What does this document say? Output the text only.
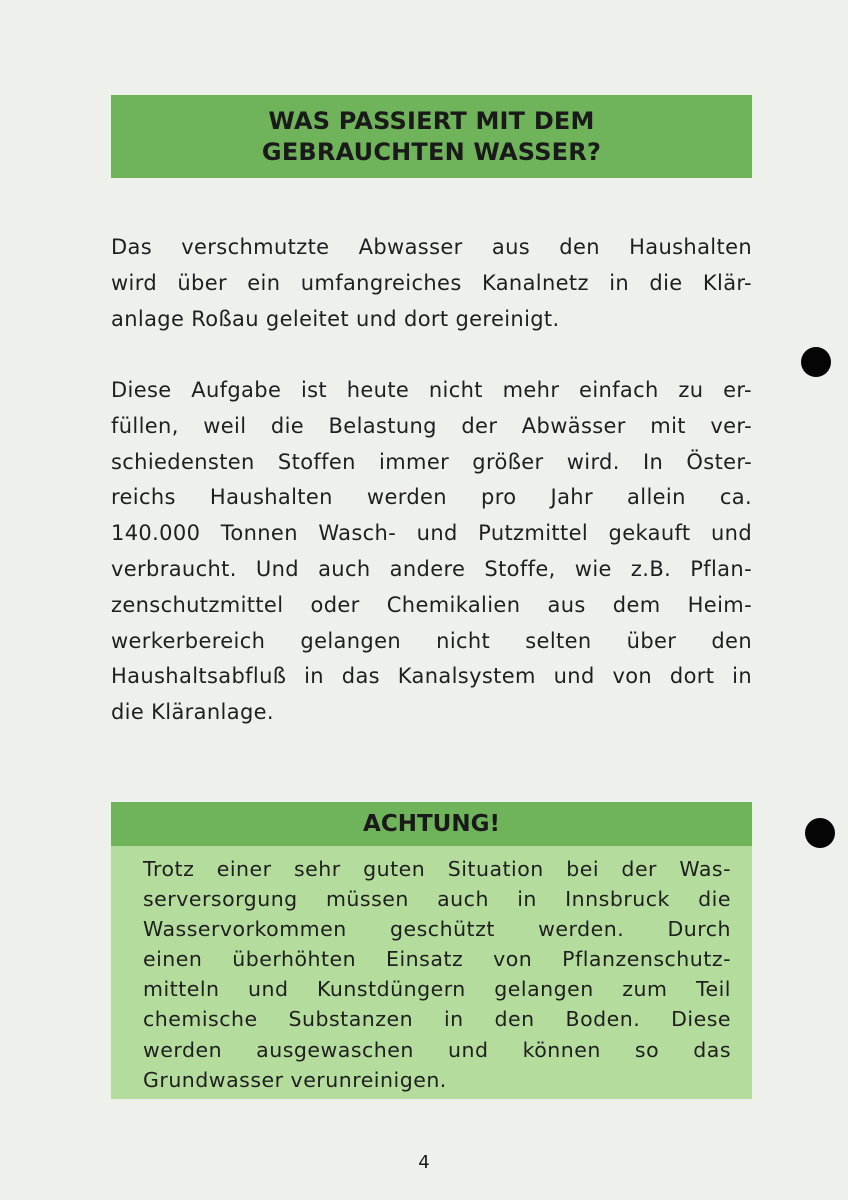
WAS PASSIERT MIT DEM
GEBRAUCHTEN WASSER?
Das verschmutzte Abwasser aus den Haushalten
wird über ein umfangreiches Kanalnetz in die Klär-
anlage Roßau geleitet und dort gereinigt.
Diese Aufgabe ist heute nicht mehr einfach zu er-
füllen, weil die Belastung der Abwässer mit ver-
schiedensten Stoffen immer größer wird. In Öster-
reichs Haushalten werden pro Jahr allein ca.
140.000 Tonnen Wasch- und Putzmittel gekauft und
verbraucht. Und auch andere Stoffe, wie z.B. Pflan-
zenschutzmittel oder Chemikalien aus dem Heim-
werkerbereich gelangen nicht selten über den
Haushaltsabfluß in das Kanalsystem und von dort in
die Kläranlage.
ACHTUNG!
Trotz einer sehr guten Situation bei der Was-
serversorgung müssen auch in Innsbruck die
Wasservorkommen geschützt werden. Durch
einen überhöhten Einsatz von Pflanzenschutz-
mitteln und Kunstdüngern gelangen zum Teil
chemische Substanzen in den Boden. Diese
werden ausgewaschen und können so das
Grundwasser verunreinigen.
4
